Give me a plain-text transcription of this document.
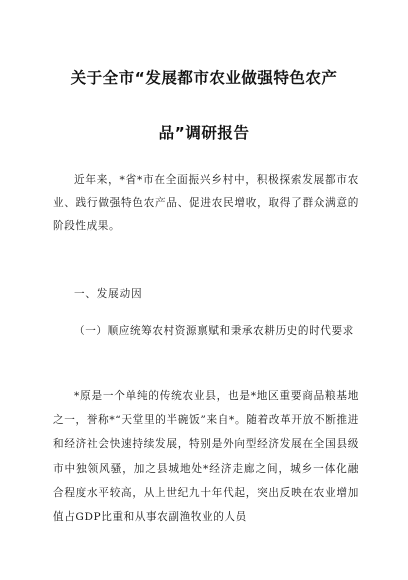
关于全市“发展都市农业做强特色农产
品”调研报告

近年来，*省*市在全面振兴乡村中，积极探索发展都市农业、践行做强特色农产品、促进农民增收，取得了群众满意的阶段性成果。

一、发展动因

（一）顺应统筹农村资源禀赋和秉承农耕历史的时代要求

*原是一个单纯的传统农业县，也是*地区重要商品粮基地之一，誉称*“天堂里的半碗饭”来自*。随着改革开放不断推进和经济社会快速持续发展，特别是外向型经济发展在全国县级市中独领风骚，加之县城地处*经济走廊之间，城乡一体化融合程度水平较高，从上世纪九十年代起，突出反映在农业增加值占GDP比重和从事农副渔牧业的人员
